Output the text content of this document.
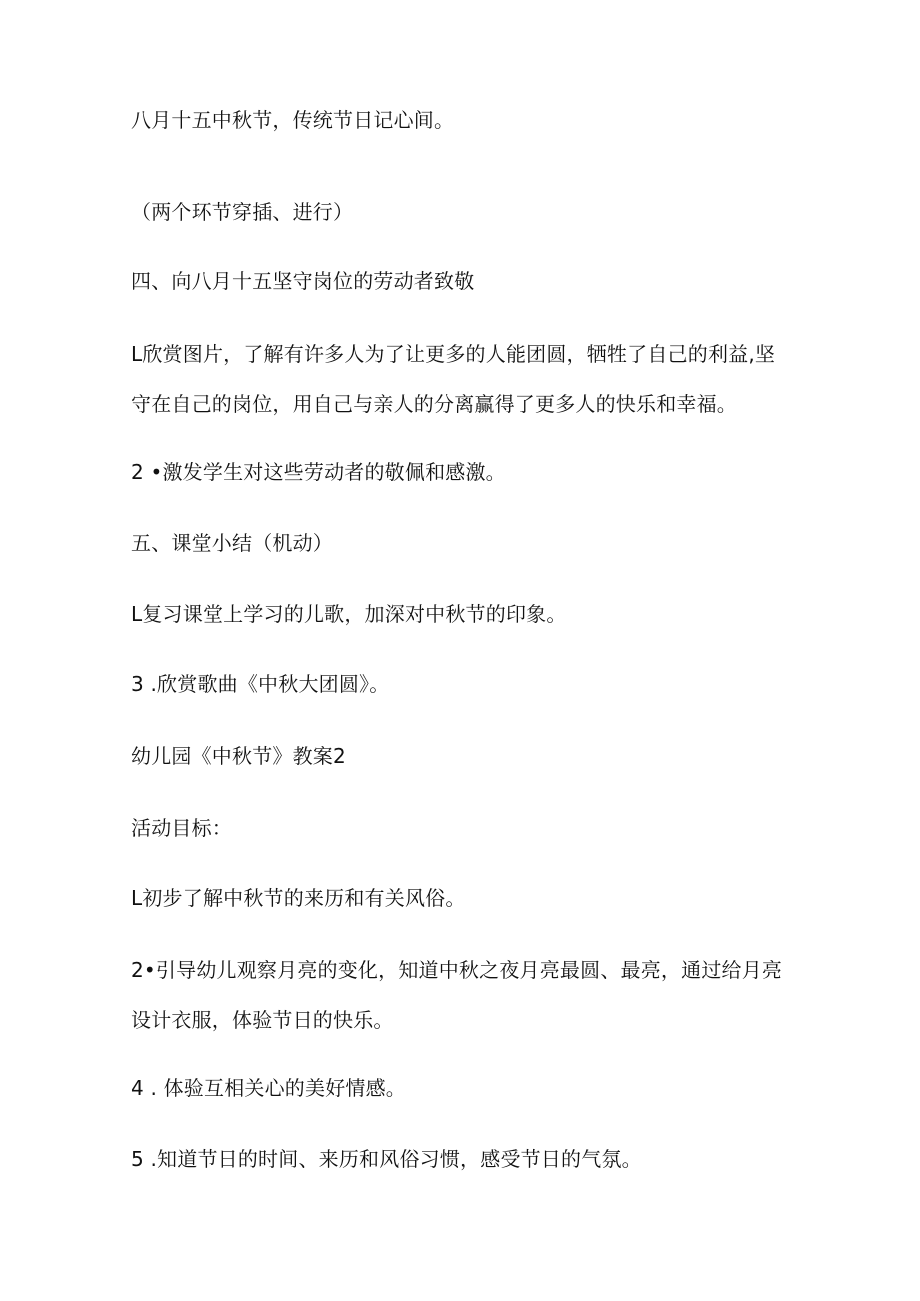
八月十五中秋节，传统节日记心间。
（两个环节穿插、进行）
四、向八月十五坚守岗位的劳动者致敬
L欣赏图片，了解有许多人为了让更多的人能团圆，牺牲了自己的利益,坚
守在自己的岗位，用自己与亲人的分离赢得了更多人的快乐和幸福。
2 •激发学生对这些劳动者的敬佩和感激。
五、课堂小结（机动）
L复习课堂上学习的儿歌，加深对中秋节的印象。
3 .欣赏歌曲《中秋大团圆》。
幼儿园《中秋节》教案2
活动目标：
L初步了解中秋节的来历和有关风俗。
2•引导幼儿观察月亮的变化，知道中秋之夜月亮最圆、最亮，通过给月亮
设计衣服，体验节日的快乐。
4 . 体验互相关心的美好情感。
5 .知道节日的时间、来历和风俗习惯，感受节日的气氛。
